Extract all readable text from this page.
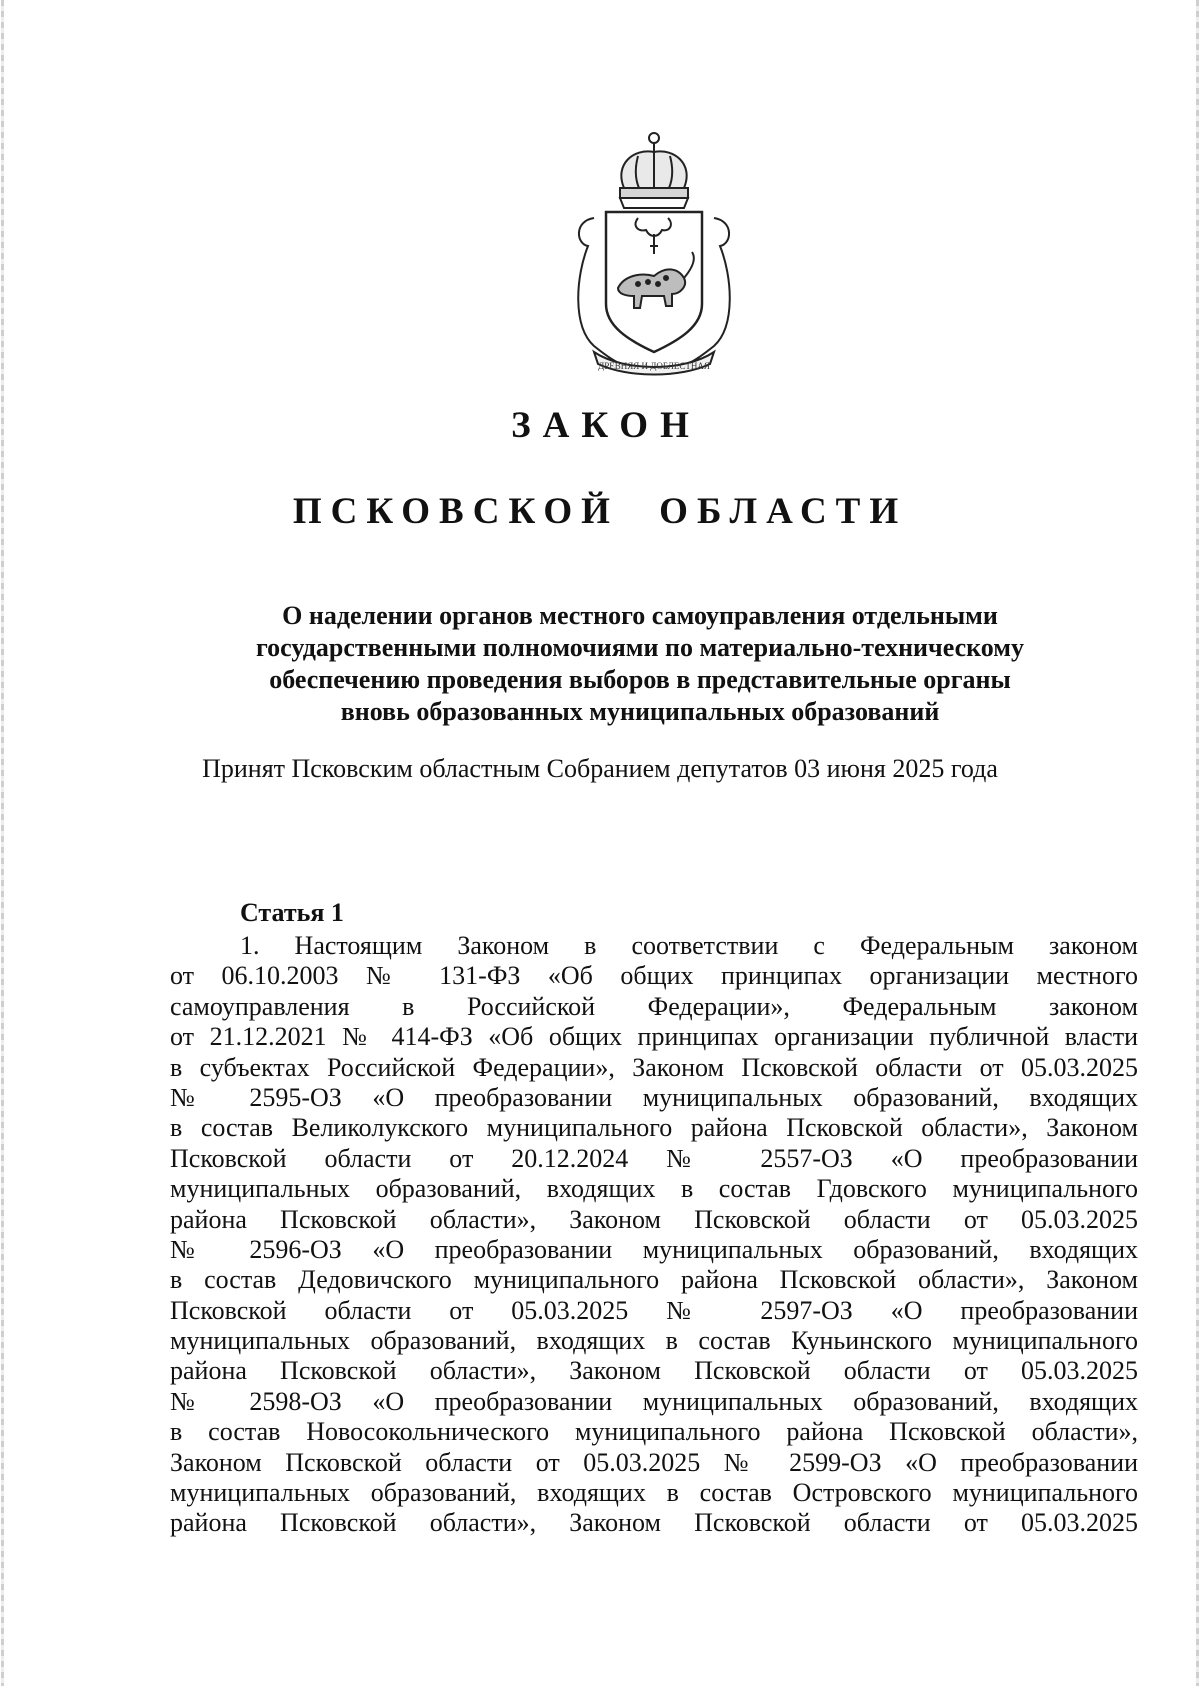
ДРЕВНЯЯ И ДОБЛЕСТНАЯ
ЗАКОН
ПСКОВСКОЙ ОБЛАСТИ
О наделении органов местного самоуправления отдельными
государственными полномочиями по материально-техническому
обеспечению проведения выборов в представительные органы
вновь образованных муниципальных образований

Принят Псковским областным Собранием депутатов 03 июня 2025 года

Статья 1

1. Настоящим Законом в соответствии с Федеральным законом
от 06.10.2003 № 131-ФЗ «Об общих принципах организации местного
самоуправления в Российской Федерации», Федеральным законом
от 21.12.2021 № 414-ФЗ «Об общих принципах организации публичной власти
в субъектах Российской Федерации», Законом Псковской области от 05.03.2025
№ 2595-ОЗ «О преобразовании муниципальных образований, входящих
в состав Великолукского муниципального района Псковской области», Законом
Псковской области от 20.12.2024 № 2557-ОЗ «О преобразовании
муниципальных образований, входящих в состав Гдовского муниципального
района Псковской области», Законом Псковской области от 05.03.2025
№ 2596-ОЗ «О преобразовании муниципальных образований, входящих
в состав Дедовичского муниципального района Псковской области», Законом
Псковской области от 05.03.2025 № 2597-ОЗ «О преобразовании
муниципальных образований, входящих в состав Куньинского муниципального
района Псковской области», Законом Псковской области от 05.03.2025
№ 2598-ОЗ «О преобразовании муниципальных образований, входящих
в состав Новосокольнического муниципального района Псковской области»,
Законом Псковской области от 05.03.2025 № 2599-ОЗ «О преобразовании
муниципальных образований, входящих в состав Островского муниципального
района Псковской области», Законом Псковской области от 05.03.2025
